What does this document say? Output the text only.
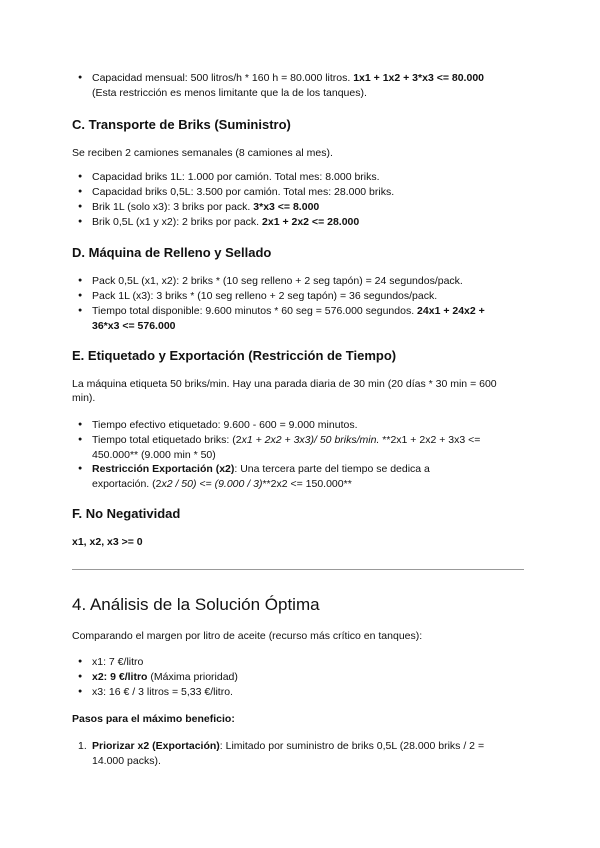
● Capacidad mensual: 500 litros/h * 160 h = 80.000 litros. 1x1 + 1x2 + 3*x3 <= 80.000
(Esta restricción es menos limitante que la de los tanques).
C. Transporte de Briks (Suministro)
Se reciben 2 camiones semanales (8 camiones al mes).
● Capacidad briks 1L: 1.000 por camión. Total mes: 8.000 briks.
● Capacidad briks 0,5L: 3.500 por camión. Total mes: 28.000 briks.
● Brik 1L (solo x3): 3 briks por pack. 3*x3 <= 8.000
● Brik 0,5L (x1 y x2): 2 briks por pack. 2x1 + 2x2 <= 28.000
D. Máquina de Relleno y Sellado
● Pack 0,5L (x1, x2): 2 briks * (10 seg relleno + 2 seg tapón) = 24 segundos/pack.
● Pack 1L (x3): 3 briks * (10 seg relleno + 2 seg tapón) = 36 segundos/pack.
● Tiempo total disponible: 9.600 minutos * 60 seg = 576.000 segundos. 24x1 + 24x2 +
36*x3 <= 576.000
E. Etiquetado y Exportación (Restricción de Tiempo)
La máquina etiqueta 50 briks/min. Hay una parada diaria de 30 min (20 días * 30 min = 600
min).
● Tiempo efectivo etiquetado: 9.600 - 600 = 9.000 minutos.
● Tiempo total etiquetado briks: (2x1 + 2x2 + 3x3)/ 50 briks/min. **2x1 + 2x2 + 3x3 <=
450.000** (9.000 min * 50)
● Restricción Exportación (x2): Una tercera parte del tiempo se dedica a
exportación. (2x2 / 50) <= (9.000 / 3)**2x2 <= 150.000**
F. No Negatividad
x1, x2, x3 >= 0
4. Análisis de la Solución Óptima
Comparando el margen por litro de aceite (recurso más crítico en tanques):
● x1: 7 €/litro
● x2: 9 €/litro (Máxima prioridad)
● x3: 16 € / 3 litros = 5,33 €/litro.
Pasos para el máximo beneficio:
1. Priorizar x2 (Exportación): Limitado por suministro de briks 0,5L (28.000 briks / 2 =
14.000 packs).
